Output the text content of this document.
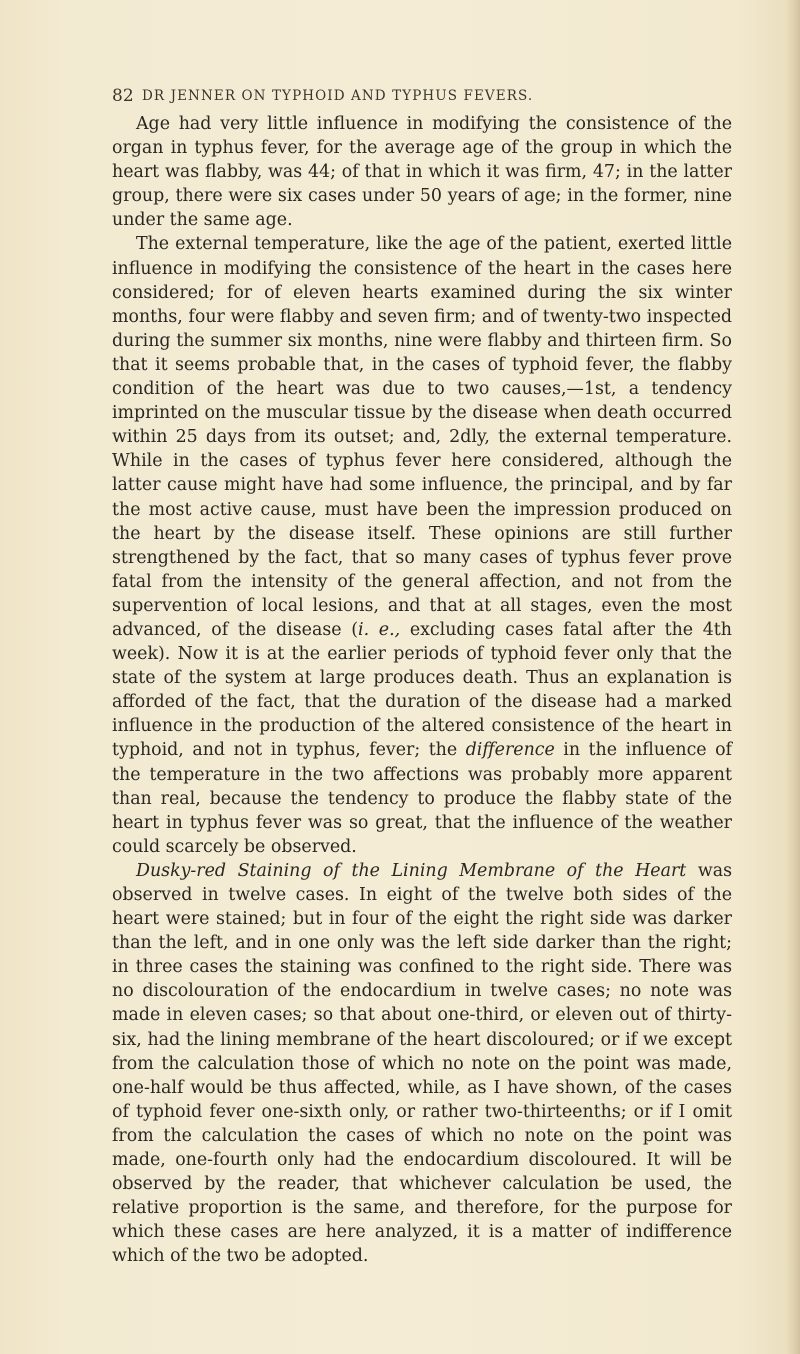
82 DR JENNER ON TYPHOID AND TYPHUS FEVERS.

Age had very little influence in modifying the consistence of the organ in typhus fever, for the average age of the group in which the heart was flabby, was 44; of that in which it was firm, 47; in the latter group, there were six cases under 50 years of age; in the former, nine under the same age.

The external temperature, like the age of the patient, exerted little influence in modifying the consistence of the heart in the cases here considered; for of eleven hearts examined during the six winter months, four were flabby and seven firm; and of twenty-two inspected during the summer six months, nine were flabby and thirteen firm. So that it seems probable that, in the cases of typhoid fever, the flabby condition of the heart was due to two causes,—1st, a tendency imprinted on the muscular tissue by the disease when death occurred within 25 days from its outset; and, 2dly, the external temperature. While in the cases of typhus fever here considered, although the latter cause might have had some influence, the principal, and by far the most active cause, must have been the impression produced on the heart by the disease itself. These opinions are still further strengthened by the fact, that so many cases of typhus fever prove fatal from the intensity of the general affection, and not from the supervention of local lesions, and that at all stages, even the most advanced, of the disease (i. e., excluding cases fatal after the 4th week). Now it is at the earlier periods of typhoid fever only that the state of the system at large produces death. Thus an explanation is afforded of the fact, that the duration of the disease had a marked influence in the production of the altered consistence of the heart in typhoid, and not in typhus, fever; the difference in the influence of the temperature in the two affections was probably more apparent than real, because the tendency to produce the flabby state of the heart in typhus fever was so great, that the influence of the weather could scarcely be observed.

Dusky-red Staining of the Lining Membrane of the Heart was observed in twelve cases. In eight of the twelve both sides of the heart were stained; but in four of the eight the right side was darker than the left, and in one only was the left side darker than the right; in three cases the staining was confined to the right side. There was no discolouration of the endocardium in twelve cases; no note was made in eleven cases; so that about one-third, or eleven out of thirty-six, had the lining membrane of the heart discoloured; or if we except from the calculation those of which no note on the point was made, one-half would be thus affected, while, as I have shown, of the cases of typhoid fever one-sixth only, or rather two-thirteenths; or if I omit from the calculation the cases of which no note on the point was made, one-fourth only had the endocardium discoloured. It will be observed by the reader, that whichever calculation be used, the relative proportion is the same, and therefore, for the purpose for which these cases are here analyzed, it is a matter of indifference which of the two be adopted.
